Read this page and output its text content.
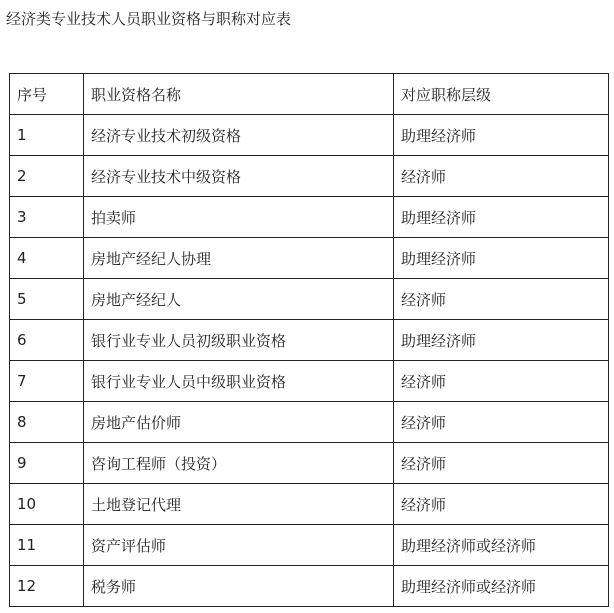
经济类专业技术人员职业资格与职称对应表
序号	职业资格名称	对应职称层级
1	经济专业技术初级资格	助理经济师
2	经济专业技术中级资格	经济师
3	拍卖师	助理经济师
4	房地产经纪人协理	助理经济师
5	房地产经纪人	经济师
6	银行业专业人员初级职业资格	助理经济师
7	银行业专业人员中级职业资格	经济师
8	房地产估价师	经济师
9	咨询工程师（投资）	经济师
10	土地登记代理	经济师
11	资产评估师	助理经济师或经济师
12	税务师	助理经济师或经济师
